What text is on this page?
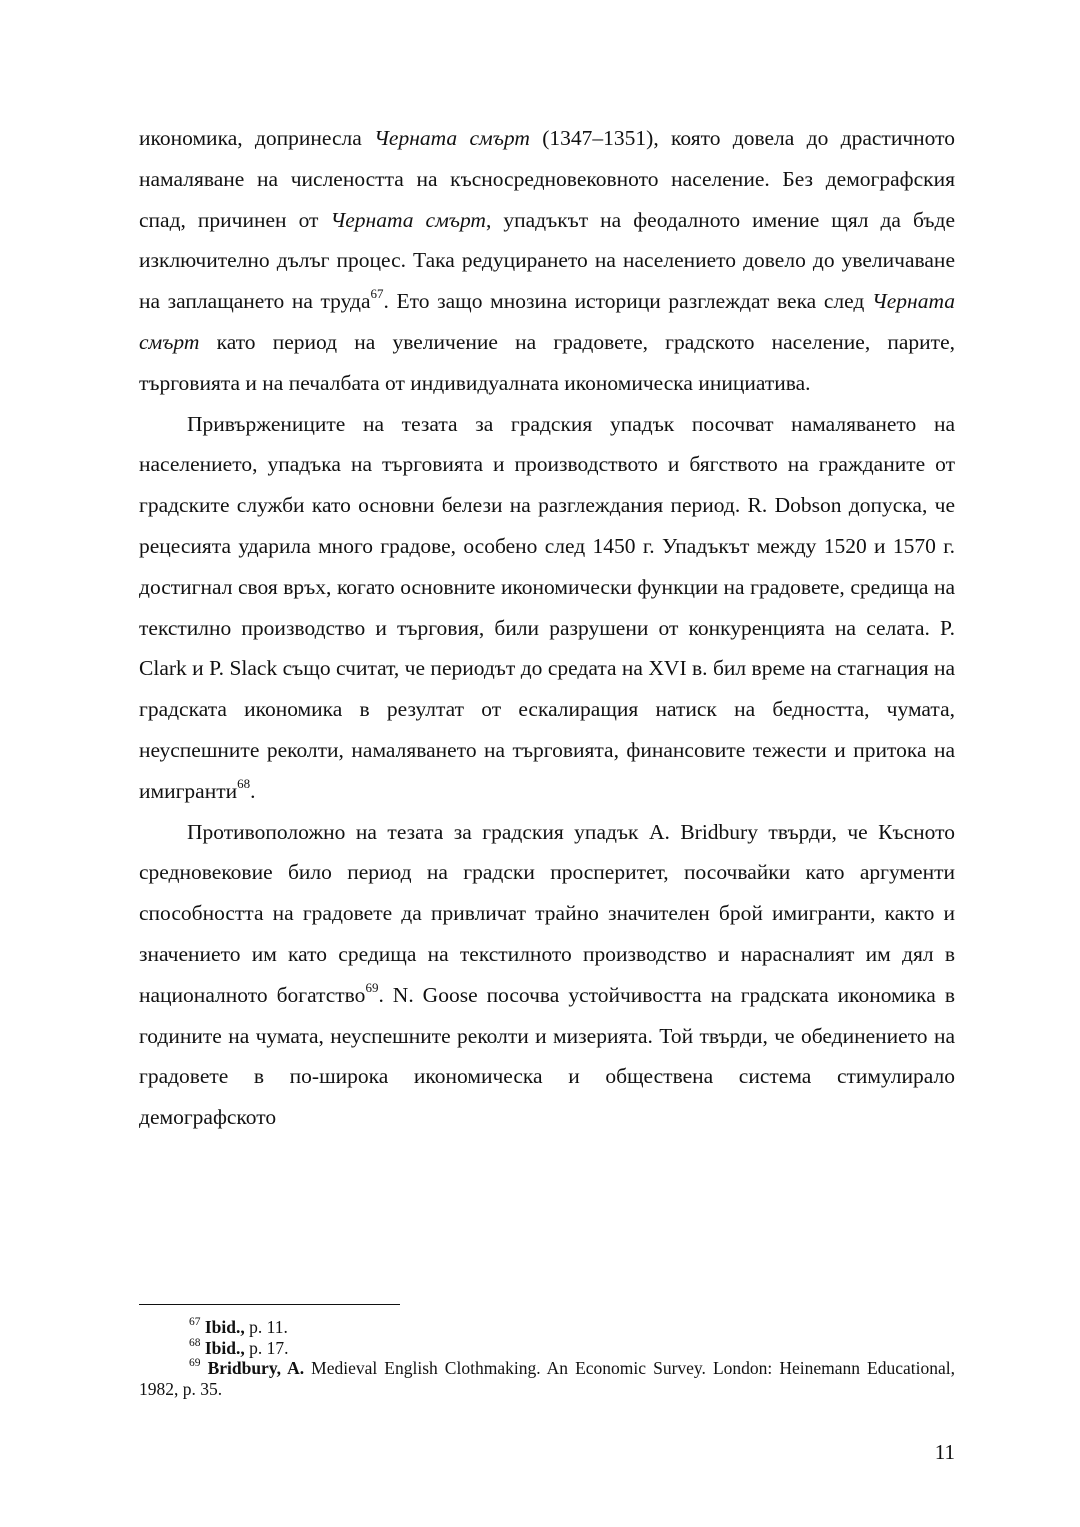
икономика, допринесла Черната смърт (1347–1351), която довела до драстичното намаляване на числеността на късносредновековното население. Без демографския спад, причинен от Черната смърт, упадъкът на феодалното имение щял да бъде изключително дълъг процес. Така редуцирането на населението довело до увеличаване на заплащането на труда$^{67}$. Ето защо мнозина историци разглеждат века след Черната смърт като период на увеличение на градовете, градското население, парите, търговията и на печалбата от индивидуалната икономическа инициатива.

Привържениците на тезата за градския упадък посочват намаляването на населението, упадъка на търговията и производството и бягството на гражданите от градските служби като основни белези на разглеждания период. R. Dobson допуска, че рецесията ударила много градове, особено след 1450 г. Упадъкът между 1520 и 1570 г. достигнал своя връх, когато основните икономически функции на градовете, средища на текстилно производство и търговия, били разрушени от конкуренцията на селата. P. Clark и P. Slack също считат, че периодът до средата на XVI в. бил време на стагнация на градската икономика в резултат от ескалиращия натиск на бедността, чумата, неуспешните реколти, намаляването на търговията, финансовите тежести и притока на имигранти$^{68}$.

Противоположно на тезата за градския упадък A. Bridbury твърди, че Късното средновековие било период на градски просперитет, посочвайки като аргументи способността на градовете да привличат трайно значителен брой имигранти, както и значението им като средища на текстилното производство и нарасналият им дял в националното богатство$^{69}$. N. Goose посочва устойчивостта на градската икономика в годините на чумата, неуспешните реколти и мизерията. Той твърди, че обединението на градовете в по-широка икономическа и обществена система стимулирало демографското

$^{67}$ Ibid., p. 11.

$^{68}$ Ibid., p. 17.

$^{69}$ Bridbury, A. Medieval English Clothmaking. An Economic Survey. London: Heinemann Educational, 1982, p. 35.

11
